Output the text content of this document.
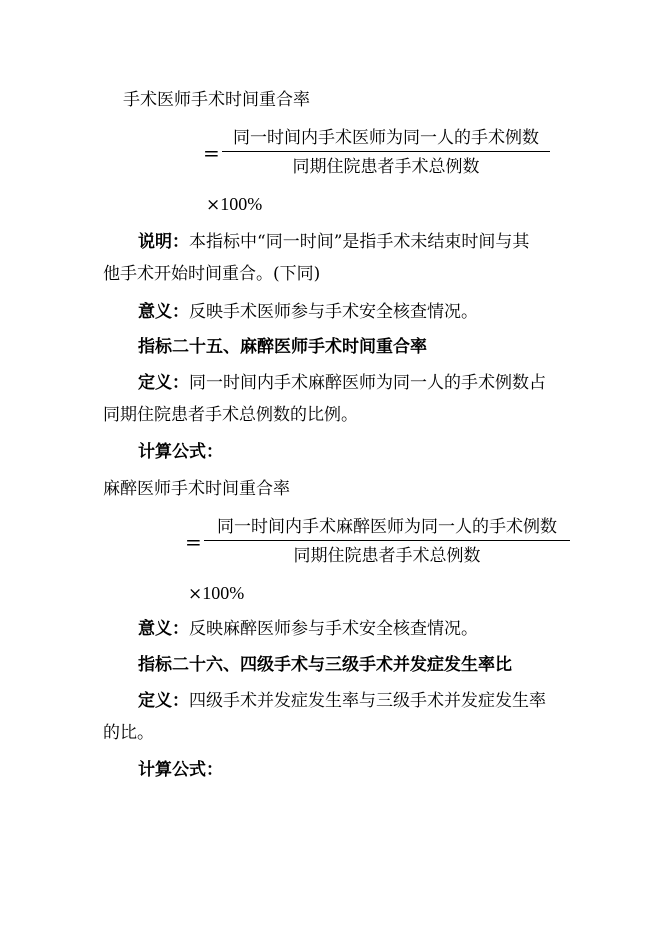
手术医师手术时间重合率
=
同一时间内手术医师为同一人的手术例数
同期住院患者手术总例数
×100%
说明：本指标中“同一时间”是指手术未结束时间与其
他手术开始时间重合。(下同)
意义：反映手术医师参与手术安全核查情况。
指标二十五、麻醉医师手术时间重合率
定义：同一时间内手术麻醉医师为同一人的手术例数占
同期住院患者手术总例数的比例。
计算公式：
麻醉医师手术时间重合率
=
同一时间内手术麻醉医师为同一人的手术例数
同期住院患者手术总例数
×100%
意义：反映麻醉医师参与手术安全核查情况。
指标二十六、四级手术与三级手术并发症发生率比
定义：四级手术并发症发生率与三级手术并发症发生率
的比。
计算公式：
